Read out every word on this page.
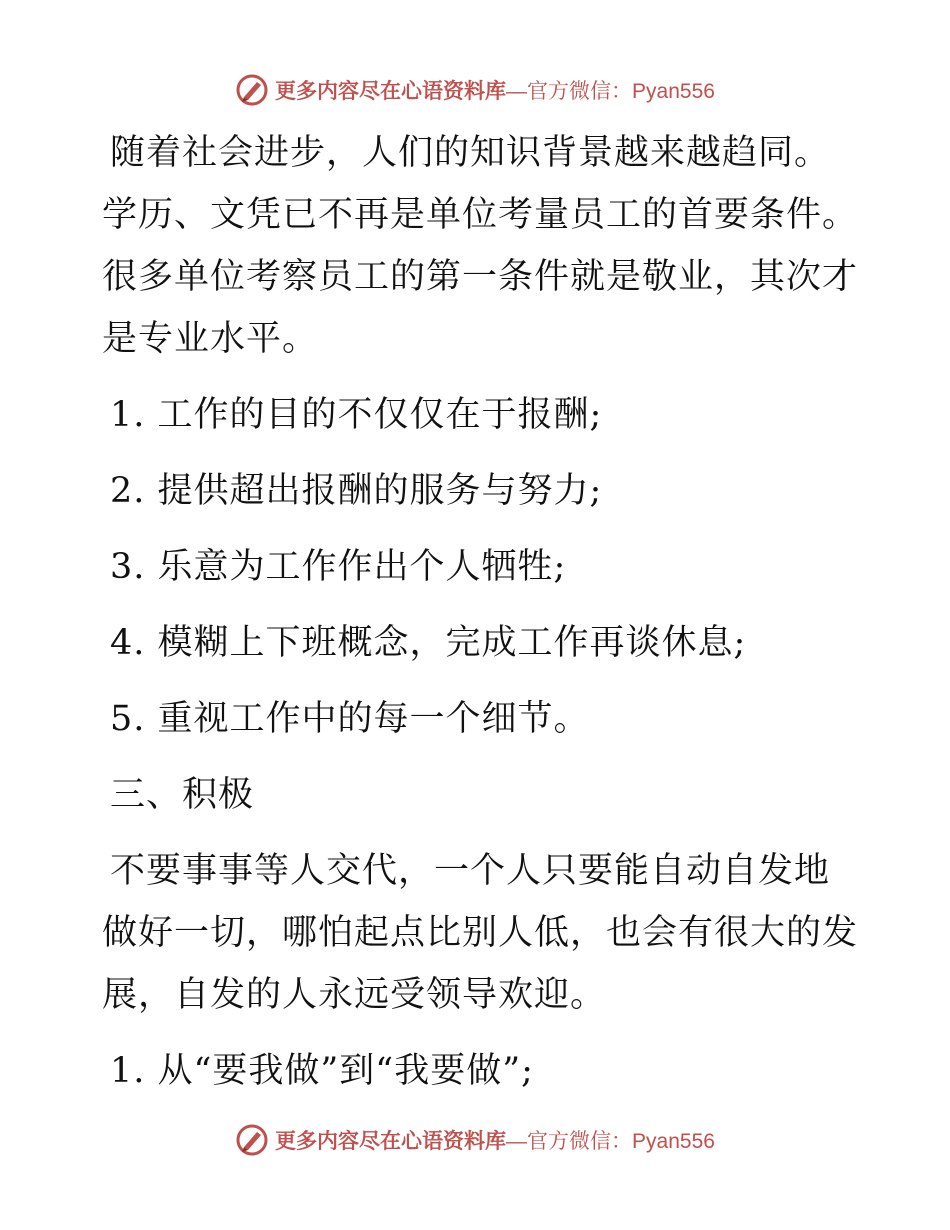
更多内容尽在心语资料库—官方微信：Pyan556

随着社会进步，人们的知识背景越来越趋同。学历、文凭已不再是单位考量员工的首要条件。很多单位考察员工的第一条件就是敬业，其次才是专业水平。

1. 工作的目的不仅仅在于报酬;

2. 提供超出报酬的服务与努力;

3. 乐意为工作作出个人牺牲;

4. 模糊上下班概念，完成工作再谈休息;

5. 重视工作中的每一个细节。

三、积极

不要事事等人交代，一个人只要能自动自发地做好一切，哪怕起点比别人低，也会有很大的发展，自发的人永远受领导欢迎。

1. 从“要我做”到“我要做”;

更多内容尽在心语资料库—官方微信：Pyan556
